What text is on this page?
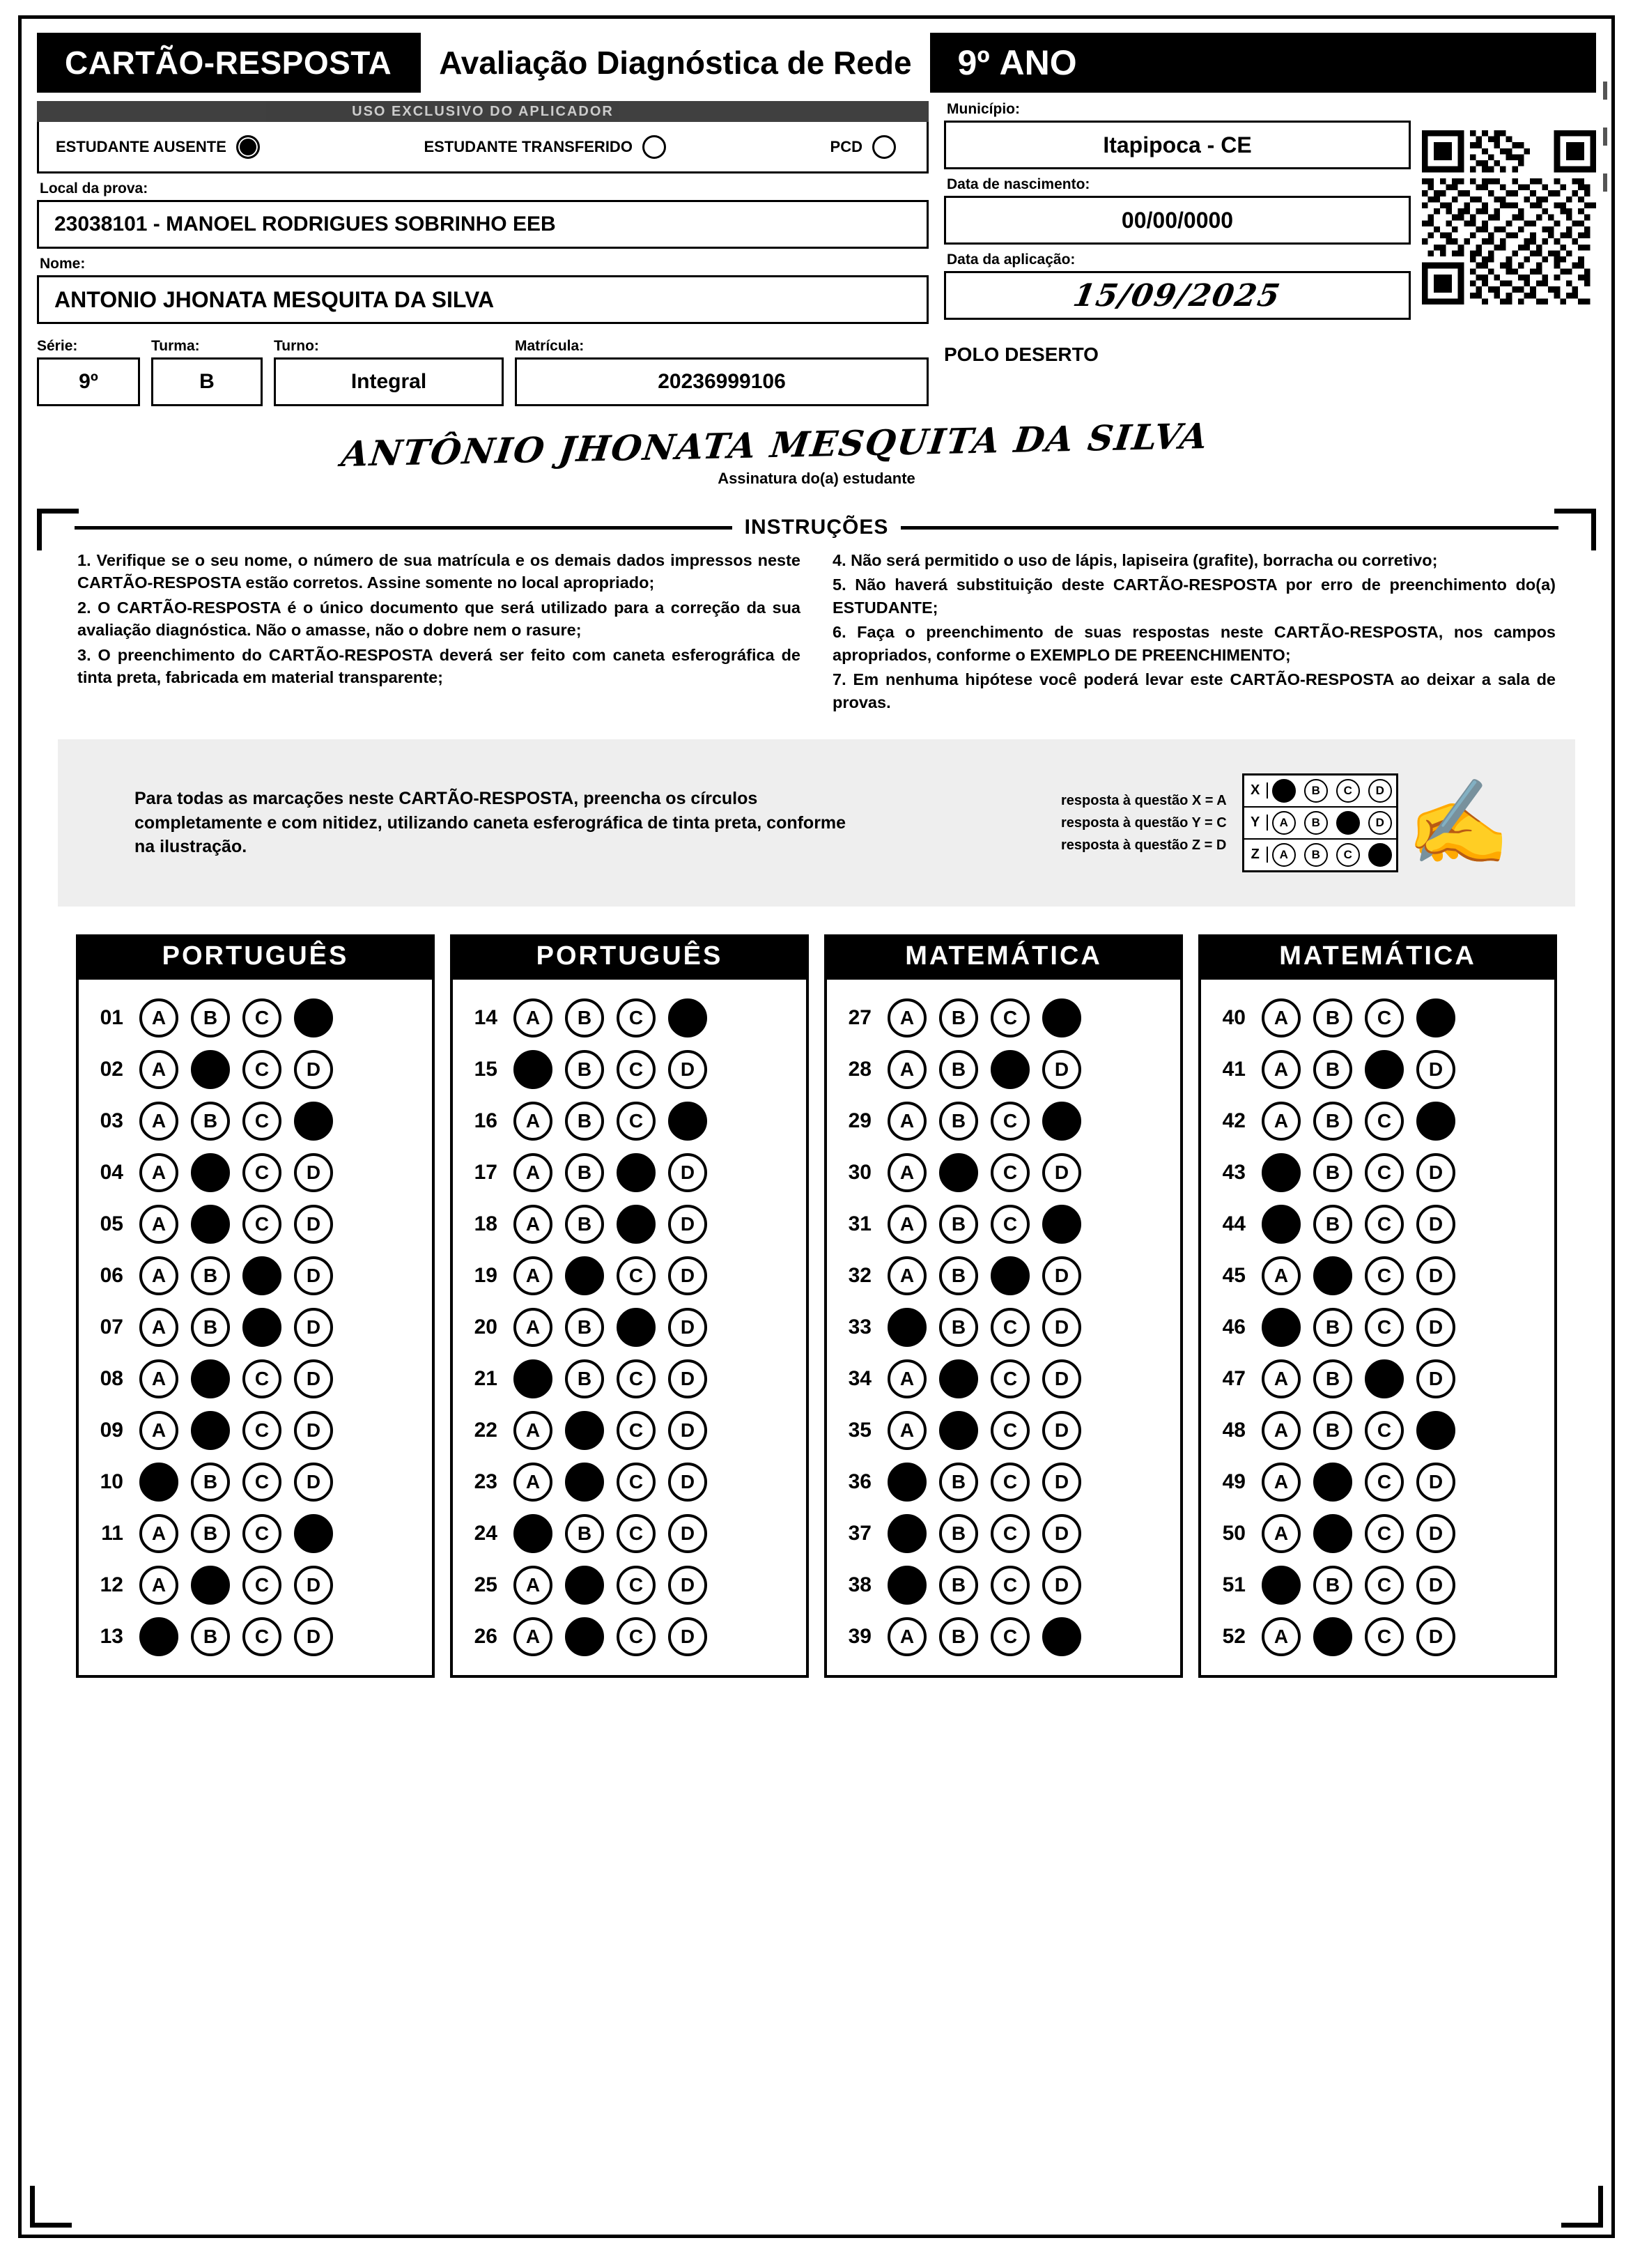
CARTÃO-RESPOSTA	Avaliação Diagnóstica de Rede	9º
ANO
USO EXCLUSIVO DO APLICADOR
ESTUDANTE AUSENTE	ESTUDANTE TRANSFERIDO	PCD
Local da prova:
23038101 - MANOEL RODRIGUES SOBRINHO EEB
Nome:
ANTONIO JHONATA MESQUITA DA SILVA
Série:
9º
Turma:
B
Turno:
Integral
Matrícula:
20236999106
Município:
Itapipoca - CE
Data de nascimento:
00/00/0000
Data da aplicação:
15/09/2025
POLO DESERTO
ANTÔNIO JHONATA MESQUITA DA SILVA
Assinatura do(a) estudante
INSTRUÇÕES

1. Verifique se o seu nome, o número de sua matrícula e os demais dados impressos neste CARTÃO-RESPOSTA estão corretos. Assine somente no local apropriado;

2. O CARTÃO-RESPOSTA é o único documento que será utilizado para a correção da sua avaliação diagnóstica. Não o amasse, não o dobre nem o rasure;

3. O preenchimento do CARTÃO-RESPOSTA deverá ser feito com caneta esferográfica de tinta preta, fabricada em material transparente;

4. Não será permitido o uso de lápis, lapiseira (grafite), borracha ou corretivo;

5. Não haverá substituição deste CARTÃO-RESPOSTA por erro de preenchimento do(a) ESTUDANTE;

6. Faça o preenchimento de suas respostas neste CARTÃO-RESPOSTA, nos campos apropriados, conforme o EXEMPLO DE PREENCHIMENTO;

7. Em nenhuma hipótese você poderá levar este CARTÃO-RESPOSTA ao deixar a sala de provas.

Para todas as marcações neste CARTÃO-RESPOSTA, preencha os círculos completamente e com nitidez, utilizando caneta esferográfica de tinta preta, conforme na ilustração.
resposta à questão X = A
resposta à questão Y = C
resposta à questão Z = D
X	A	B	C	D
Y	A	B	C	D
Z	A	B	C	D ✍
PORTUGUÊS
01	A	B	C	D
02	A	B	C	D
03	A	B	C	D
04	A	B	C	D
05	A	B	C	D
06	A	B	C	D
07	A	B	C	D
08	A	B	C	D
09	A	B	C	D
10	A	B	C	D
11	A	B	C	D
12	A	B	C	D
13	A	B	C	D
PORTUGUÊS
14	A	B	C	D
15	A	B	C	D
16	A	B	C	D
17	A	B	C	D
18	A	B	C	D
19	A	B	C	D
20	A	B	C	D
21	A	B	C	D
22	A	B	C	D
23	A	B	C	D
24	A	B	C	D
25	A	B	C	D
26	A	B	C	D
MATEMÁTICA
27	A	B	C	D
28	A	B	C	D
29	A	B	C	D
30	A	B	C	D
31	A	B	C	D
32	A	B	C	D
33	A	B	C	D
34	A	B	C	D
35	A	B	C	D
36	A	B	C	D
37	A	B	C	D
38	A	B	C	D
39	A	B	C	D
MATEMÁTICA
40	A	B	C	D
41	A	B	C	D
42	A	B	C	D
43	A	B	C	D
44	A	B	C	D
45	A	B	C	D
46	A	B	C	D
47	A	B	C	D
48	A	B	C	D
49	A	B	C	D
50	A	B	C	D
51	A	B	C	D
52	A	B	C	D
